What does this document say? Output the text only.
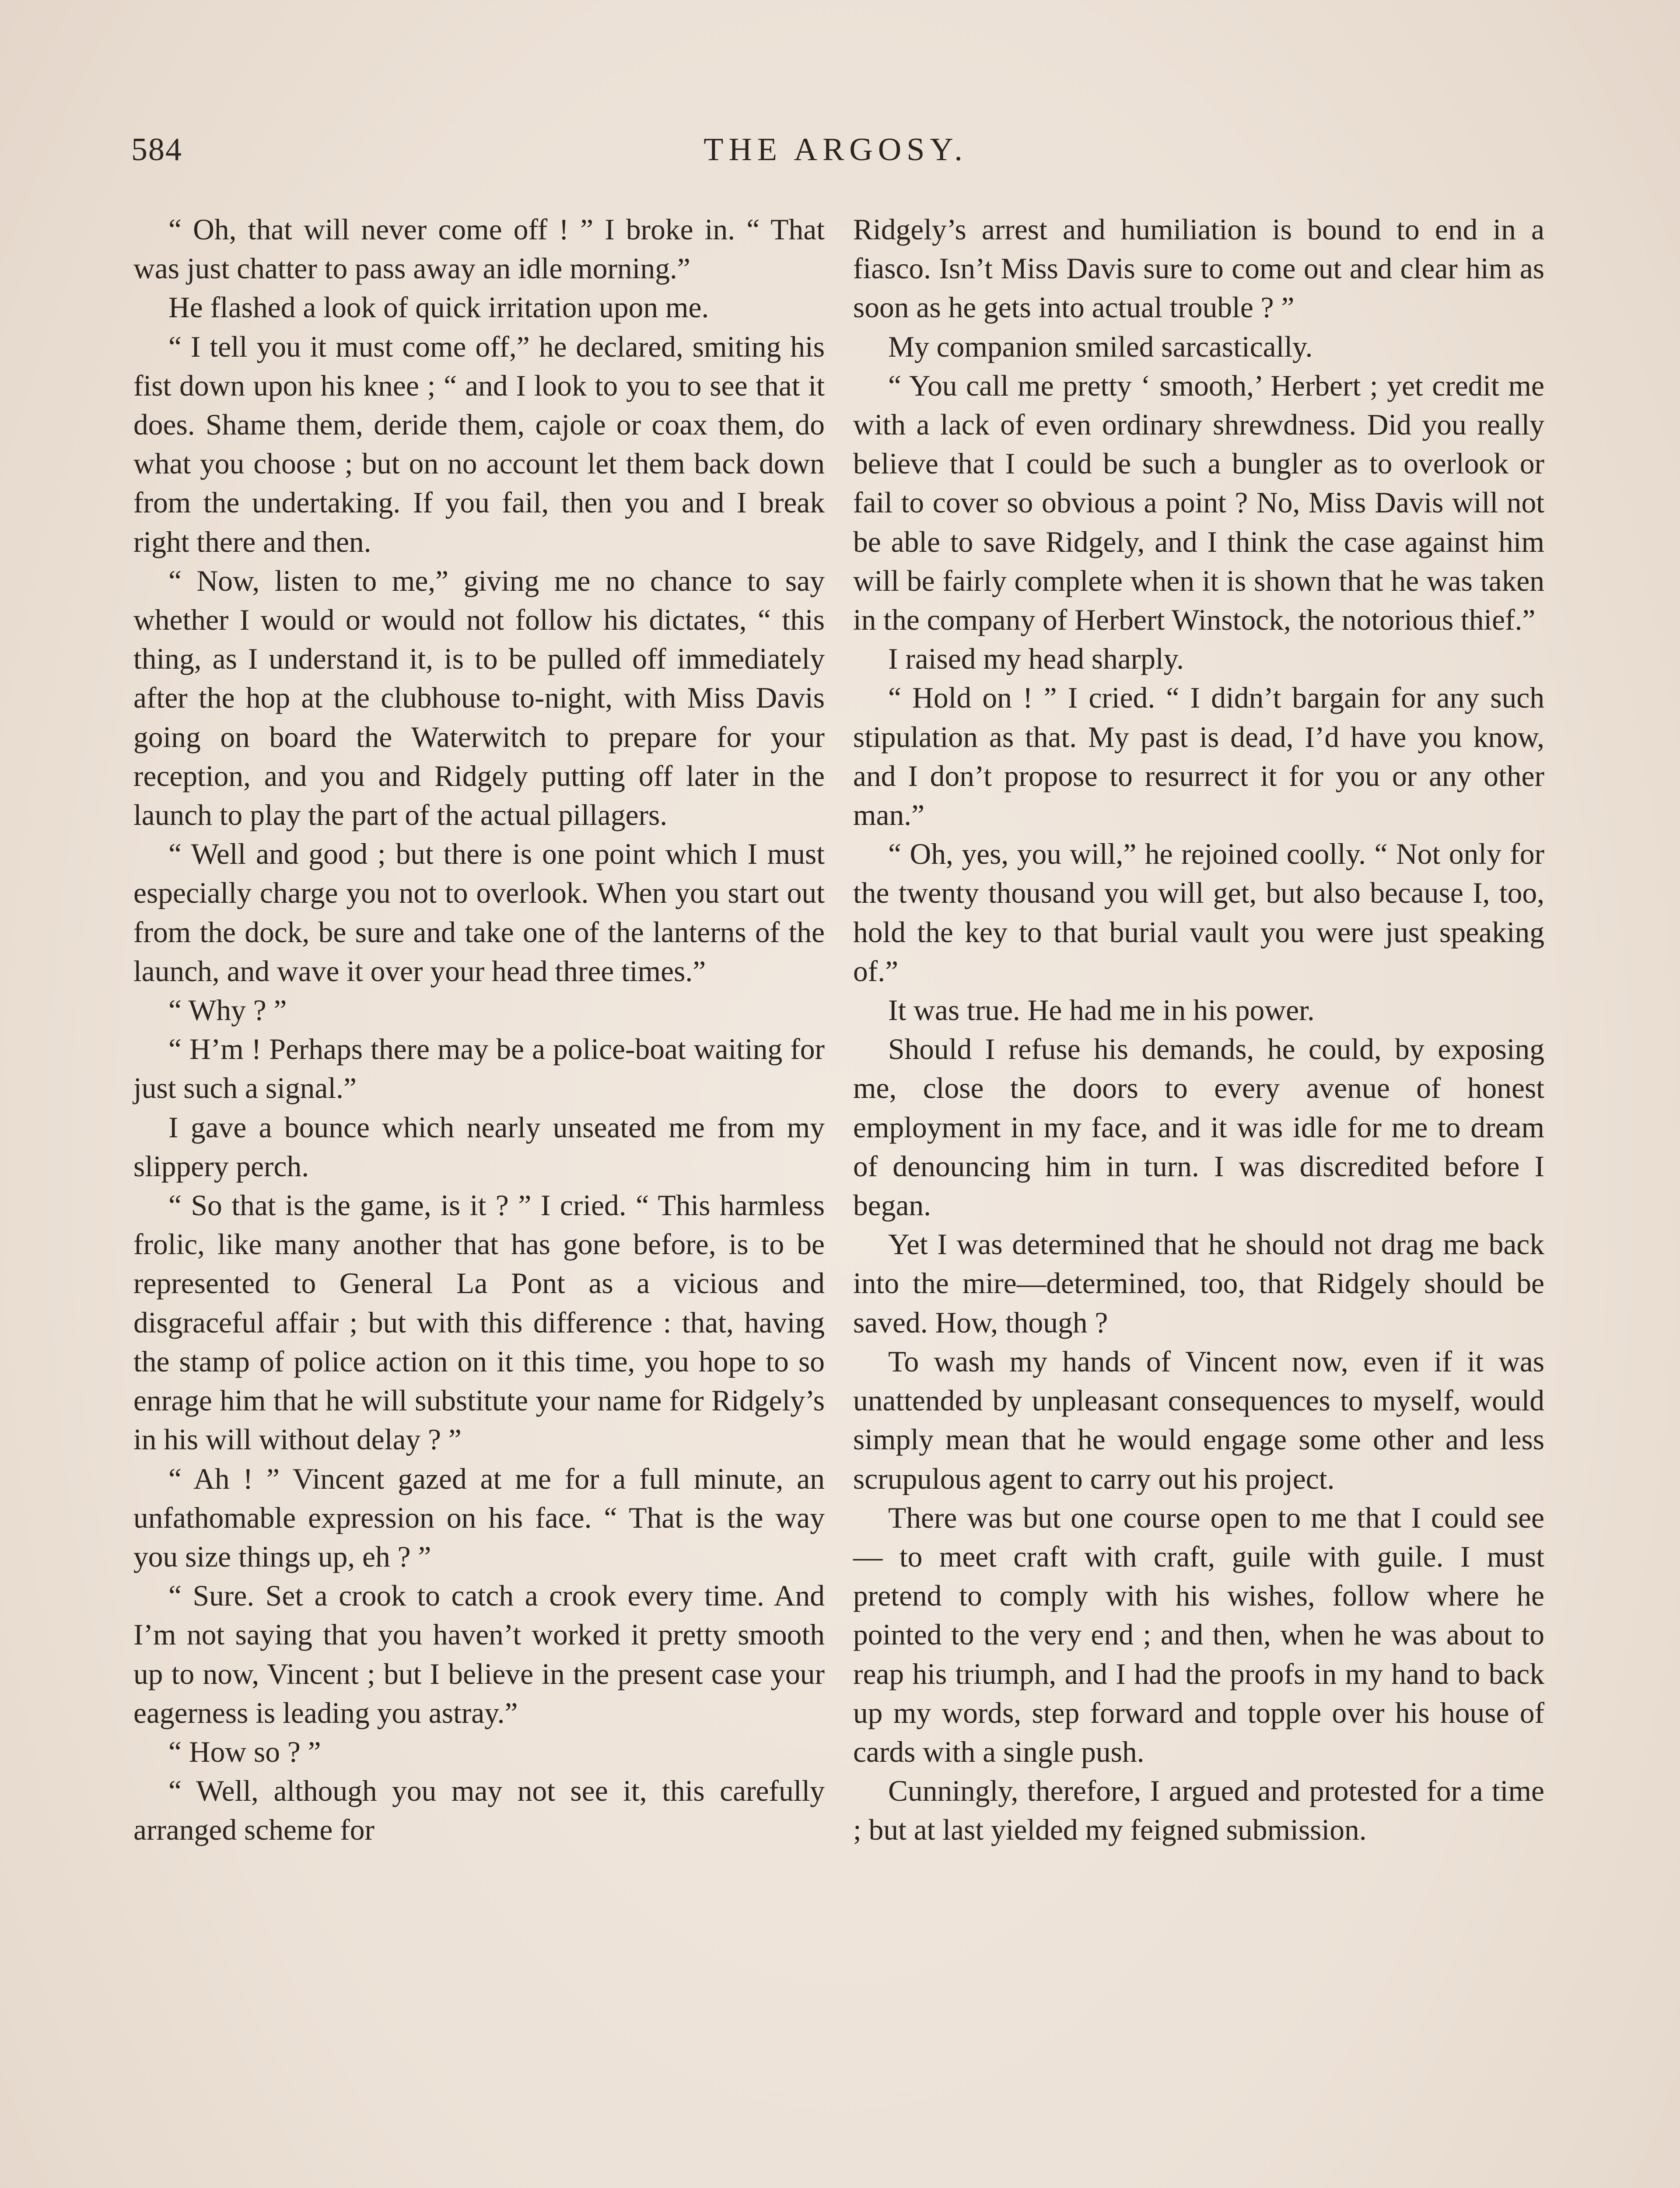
584	THE ARGOSY.

“ Oh, that will never come off ! ” I broke in. “ That was just chatter to pass away an idle morning.”

He flashed a look of quick irritation upon me.

“ I tell you it must come off,” he declared, smiting his fist down upon his knee ; “ and I look to you to see that it does. Shame them, deride them, cajole or coax them, do what you choose ; but on no account let them back down from the undertaking. If you fail, then you and I break right there and then.

“ Now, listen to me,” giving me no chance to say whether I would or would not follow his dictates, “ this thing, as I understand it, is to be pulled off immediately after the hop at the clubhouse to-night, with Miss Davis going on board the Waterwitch to prepare for your reception, and you and Ridgely putting off later in the launch to play the part of the actual pillagers.

“ Well and good ; but there is one point which I must especially charge you not to overlook. When you start out from the dock, be sure and take one of the lanterns of the launch, and wave it over your head three times.”

“ Why ? ”

“ H’m ! Perhaps there may be a police-boat waiting for just such a signal.”

I gave a bounce which nearly unseated me from my slippery perch.

“ So that is the game, is it ? ” I cried. “ This harmless frolic, like many another that has gone before, is to be represented to General La Pont as a vicious and disgraceful affair ; but with this difference : that, having the stamp of police action on it this time, you hope to so enrage him that he will substitute your name for Ridgely’s in his will without delay ? ”

“ Ah ! ” Vincent gazed at me for a full minute, an unfathomable expression on his face. “ That is the way you size things up, eh ? ”

“ Sure. Set a crook to catch a crook every time. And I’m not saying that you haven’t worked it pretty smooth up to now, Vincent ; but I believe in the present case your eagerness is leading you astray.”

“ How so ? ”

“ Well, although you may not see it, this carefully arranged scheme for

Ridgely’s arrest and humiliation is bound to end in a fiasco. Isn’t Miss Davis sure to come out and clear him as soon as he gets into actual trouble ? ”

My companion smiled sarcastically.

“ You call me pretty ‘ smooth,’ Herbert ; yet credit me with a lack of even ordinary shrewdness. Did you really believe that I could be such a bungler as to overlook or fail to cover so obvious a point ? No, Miss Davis will not be able to save Ridgely, and I think the case against him will be fairly complete when it is shown that he was taken in the company of Herbert Winstock, the notorious thief.”

I raised my head sharply.

“ Hold on ! ” I cried. “ I didn’t bargain for any such stipulation as that. My past is dead, I’d have you know, and I don’t propose to resurrect it for you or any other man.”

“ Oh, yes, you will,” he rejoined coolly. “ Not only for the twenty thousand you will get, but also because I, too, hold the key to that burial vault you were just speaking of.”

It was true. He had me in his power.

Should I refuse his demands, he could, by exposing me, close the doors to every avenue of honest employment in my face, and it was idle for me to dream of denouncing him in turn. I was discredited before I began.

Yet I was determined that he should not drag me back into the mire—determined, too, that Ridgely should be saved. How, though ?

To wash my hands of Vincent now, even if it was unattended by unpleasant consequences to myself, would simply mean that he would engage some other and less scrupulous agent to carry out his project.

There was but one course open to me that I could see — to meet craft with craft, guile with guile. I must pretend to comply with his wishes, follow where he pointed to the very end ; and then, when he was about to reap his triumph, and I had the proofs in my hand to back up my words, step forward and topple over his house of cards with a single push.

Cunningly, therefore, I argued and protested for a time ; but at last yielded my feigned submission.
